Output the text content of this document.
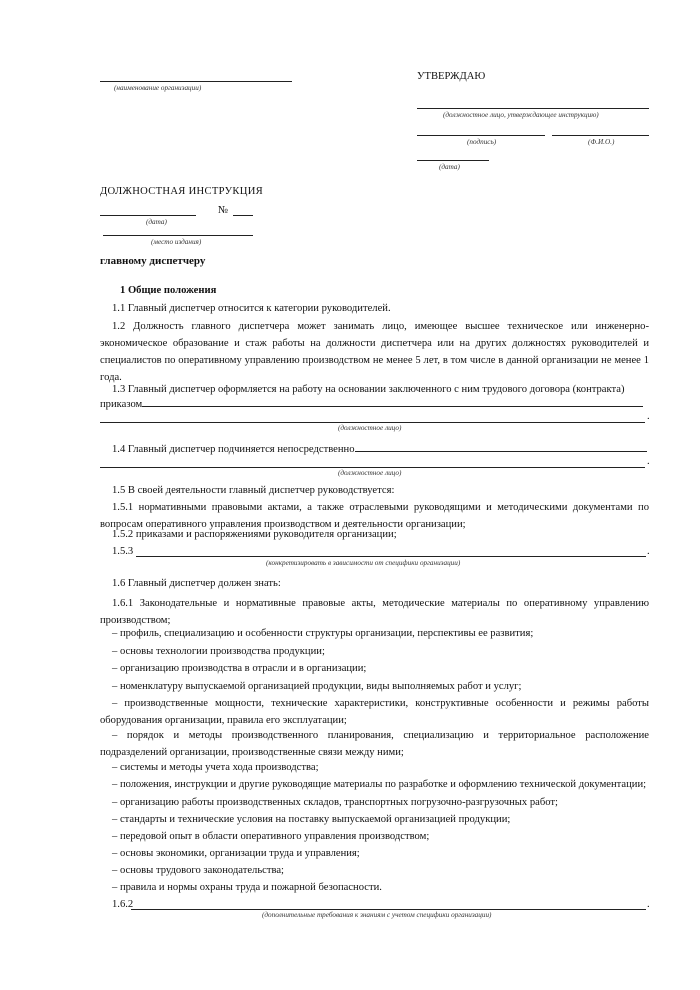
(наименование организации)
УТВЕРЖДАЮ
(должностное лицо, утверждающее инструкцию)
(подпись)	(Ф.И.О.)
(дата)
ДОЛЖНОСТНАЯ ИНСТРУКЦИЯ
№
(дата)
(место издания)
главному диспетчеру
1 Общие положения
1.1 Главный диспетчер относится к категории руководителей.
1.2 Должность главного диспетчера может занимать лицо, имеющее высшее техническое или инженерно-экономическое образование и стаж работы на должности диспетчера или на других должностях руководителей и специалистов по оперативному управлению производством не менее 5 лет, в том числе в данной организации не менее 1 года.
1.3 Главный диспетчер оформляется на работу на основании заключенного с ним трудового договора (контракта)
приказом
.
(должностное лицо)
1.4 Главный диспетчер подчиняется непосредственно
.
(должностное лицо)
1.5 В своей деятельности главный диспетчер руководствуется:
1.5.1 нормативными правовыми актами, а также отраслевыми руководящими и методическими документами по вопросам оперативного управления производством и деятельности организации;
1.5.2 приказами и распоряжениями руководителя организации;
1.5.3	.
(конкретизировать в зависимости от специфики организации)
1.6 Главный диспетчер должен знать:
1.6.1 Законодательные и нормативные правовые акты, методические материалы по оперативному управлению производством;
– профиль, специализацию и особенности структуры организации, перспективы ее развития;
– основы технологии производства продукции;
– организацию производства в отрасли и в организации;
– номенклатуру выпускаемой организацией продукции, виды выполняемых работ и услуг;
– производственные мощности, технические характеристики, конструктивные особенности и режимы работы оборудования организации, правила его эксплуатации;
– порядок и методы производственного планирования, специализацию и территориальное расположение подразделений организации, производственные связи между ними;
– системы и методы учета хода производства;
– положения, инструкции и другие руководящие материалы по разработке и оформлению технической документации;
– организацию работы производственных складов, транспортных погрузочно-разгрузочных работ;
– стандарты и технические условия на поставку выпускаемой организацией продукции;
– передовой опыт в области оперативного управления производством;
– основы экономики, организации труда и управления;
– основы трудового законодательства;
– правила и нормы охраны труда и пожарной безопасности.
1.6.2	.
(дополнительные требования к знаниям с учетом специфики организации)
